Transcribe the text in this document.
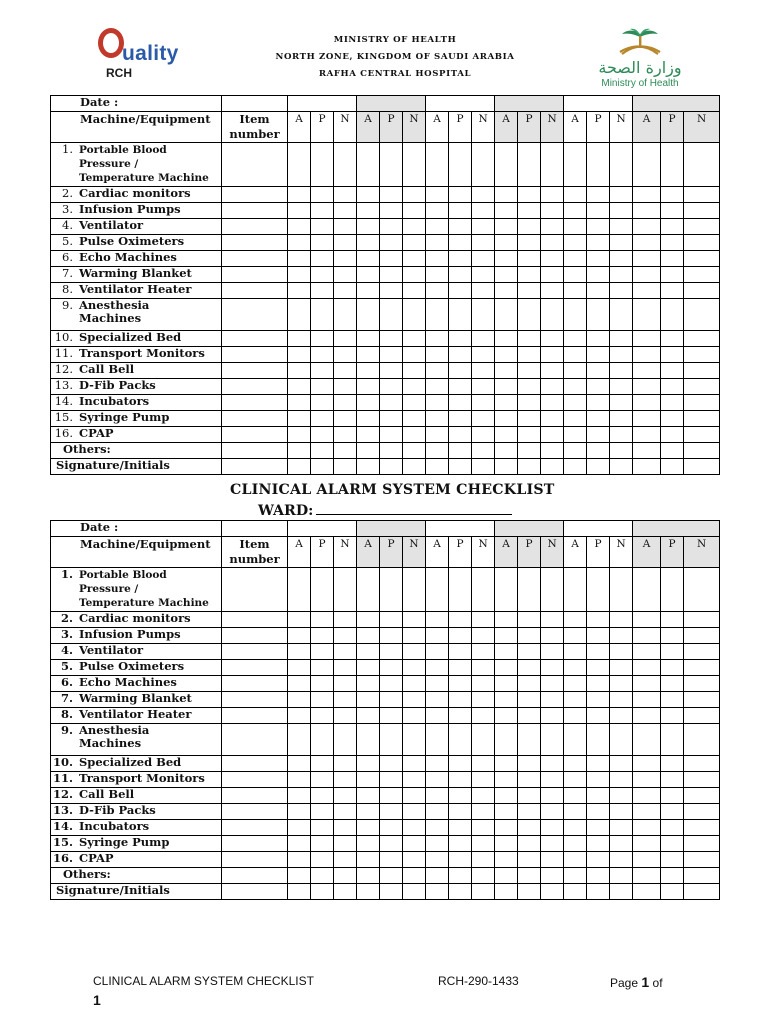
uality
RCH
MINISTRY OF HEALTH
NORTH ZONE, KINGDOM OF SAUDI ARABIA
RAFHA CENTRAL HOSPITAL	وزارة الصحة
Ministry of Health
Date :																			
Machine/Equipment	Item number	A	P	N	A	P	N	A	P	N	A	P	N	A	P	N	A	P	N
1. Portable Blood
Pressure /
Temperature Machine																			
2. Cardiac monitors																			
3. Infusion Pumps																			
4. Ventilator																			
5. Pulse Oximeters																			
6. Echo Machines																			
7. Warming Blanket																			
8. Ventilator Heater																			
9. Anesthesia
Machines																			
10. Specialized Bed																			
11. Transport Monitors																			
12. Call Bell																			
13. D-Fib Packs																			
14. Incubators																			
15. Syringe Pump																			
16. CPAP																			
Others:																			
Signature/Initials																			
CLINICAL ALARM SYSTEM CHECKLIST
WARD:
Date :																			
Machine/Equipment	Item number	A	P	N	A	P	N	A	P	N	A	P	N	A	P	N	A	P	N
1. Portable Blood
Pressure /
Temperature Machine																			
2. Cardiac monitors																			
3. Infusion Pumps																			
4. Ventilator																			
5. Pulse Oximeters																			
6. Echo Machines																			
7. Warming Blanket																			
8. Ventilator Heater																			
9. Anesthesia
Machines																			
10. Specialized Bed																			
11. Transport Monitors																			
12. Call Bell																			
13. D-Fib Packs																			
14. Incubators																			
15. Syringe Pump																			
16. CPAP																			
Others:																			
Signature/Initials																			
CLINICAL ALARM SYSTEM CHECKLIST	RCH-290-1433	Page 1 of
1
